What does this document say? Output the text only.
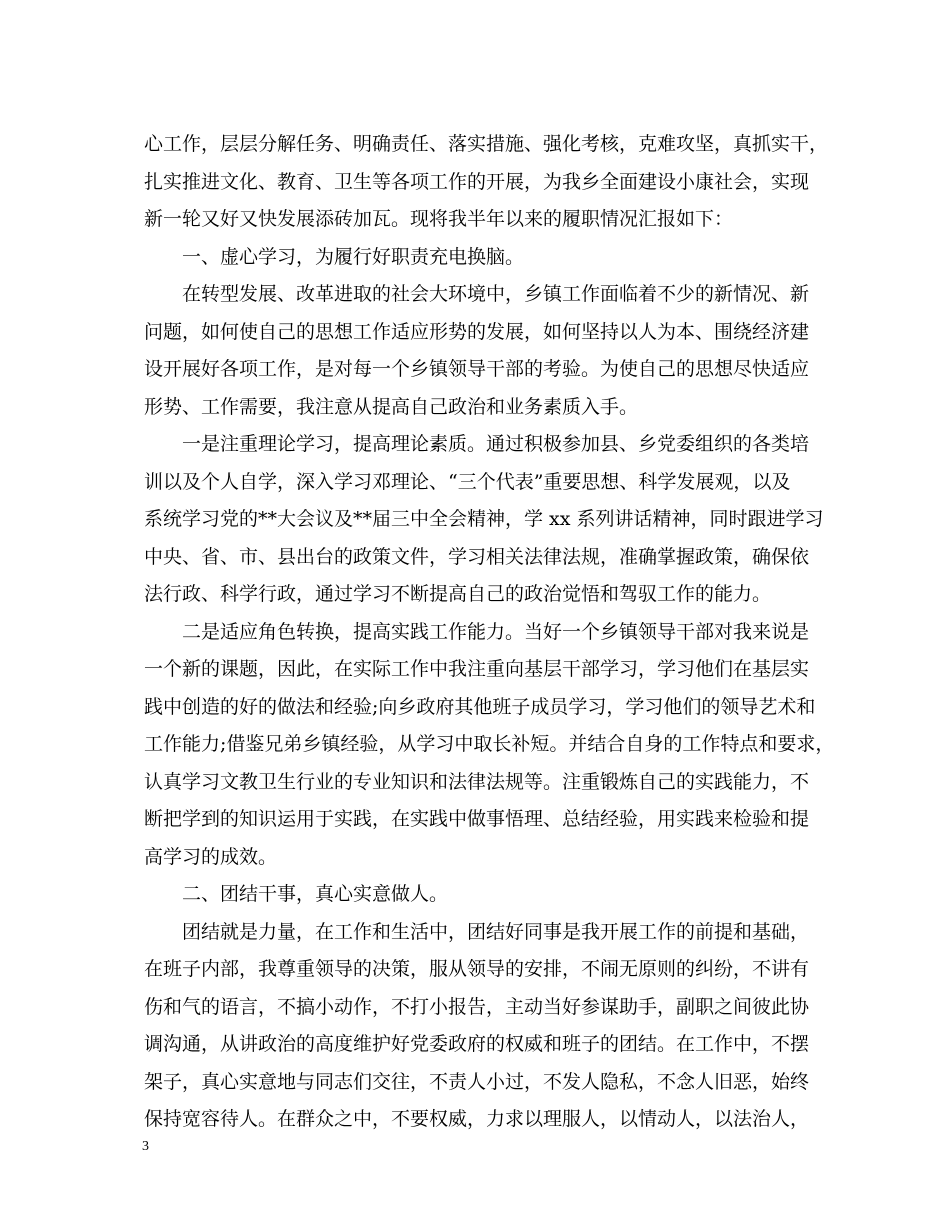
心工作，层层分解任务、明确责任、落实措施、强化考核，克难攻坚，真抓实干，
扎实推进文化、教育、卫生等各项工作的开展，为我乡全面建设小康社会，实现
新一轮又好又快发展添砖加瓦。现将我半年以来的履职情况汇报如下：
一、虚心学习，为履行好职责充电换脑。
在转型发展、改革进取的社会大环境中，乡镇工作面临着不少的新情况、新
问题，如何使自己的思想工作适应形势的发展，如何坚持以人为本、围绕经济建
设开展好各项工作，是对每一个乡镇领导干部的考验。为使自己的思想尽快适应
形势、工作需要，我注意从提高自己政治和业务素质入手。
一是注重理论学习，提高理论素质。通过积极参加县、乡党委组织的各类培
训以及个人自学，深入学习邓理论、“三个代表”重要思想、科学发展观，以及
系统学习党的**大会议及**届三中全会精神，学 xx 系列讲话精神，同时跟进学习
中央、省、市、县出台的政策文件，学习相关法律法规，准确掌握政策，确保依
法行政、科学行政，通过学习不断提高自己的政治觉悟和驾驭工作的能力。
二是适应角色转换，提高实践工作能力。当好一个乡镇领导干部对我来说是
一个新的课题，因此，在实际工作中我注重向基层干部学习，学习他们在基层实
践中创造的好的做法和经验;向乡政府其他班子成员学习，学习他们的领导艺术和
工作能力;借鉴兄弟乡镇经验，从学习中取长补短。并结合自身的工作特点和要求，
认真学习文教卫生行业的专业知识和法律法规等。注重锻炼自己的实践能力，不
断把学到的知识运用于实践，在实践中做事悟理、总结经验，用实践来检验和提
高学习的成效。
二、团结干事，真心实意做人。
团结就是力量，在工作和生活中，团结好同事是我开展工作的前提和基础，
在班子内部，我尊重领导的决策，服从领导的安排，不闹无原则的纠纷，不讲有
伤和气的语言，不搞小动作，不打小报告，主动当好参谋助手，副职之间彼此协
调沟通，从讲政治的高度维护好党委政府的权威和班子的团结。在工作中，不摆
架子，真心实意地与同志们交往，不责人小过，不发人隐私，不念人旧恶，始终
保持宽容待人。在群众之中，不要权威，力求以理服人，以情动人，以法治人，
3
